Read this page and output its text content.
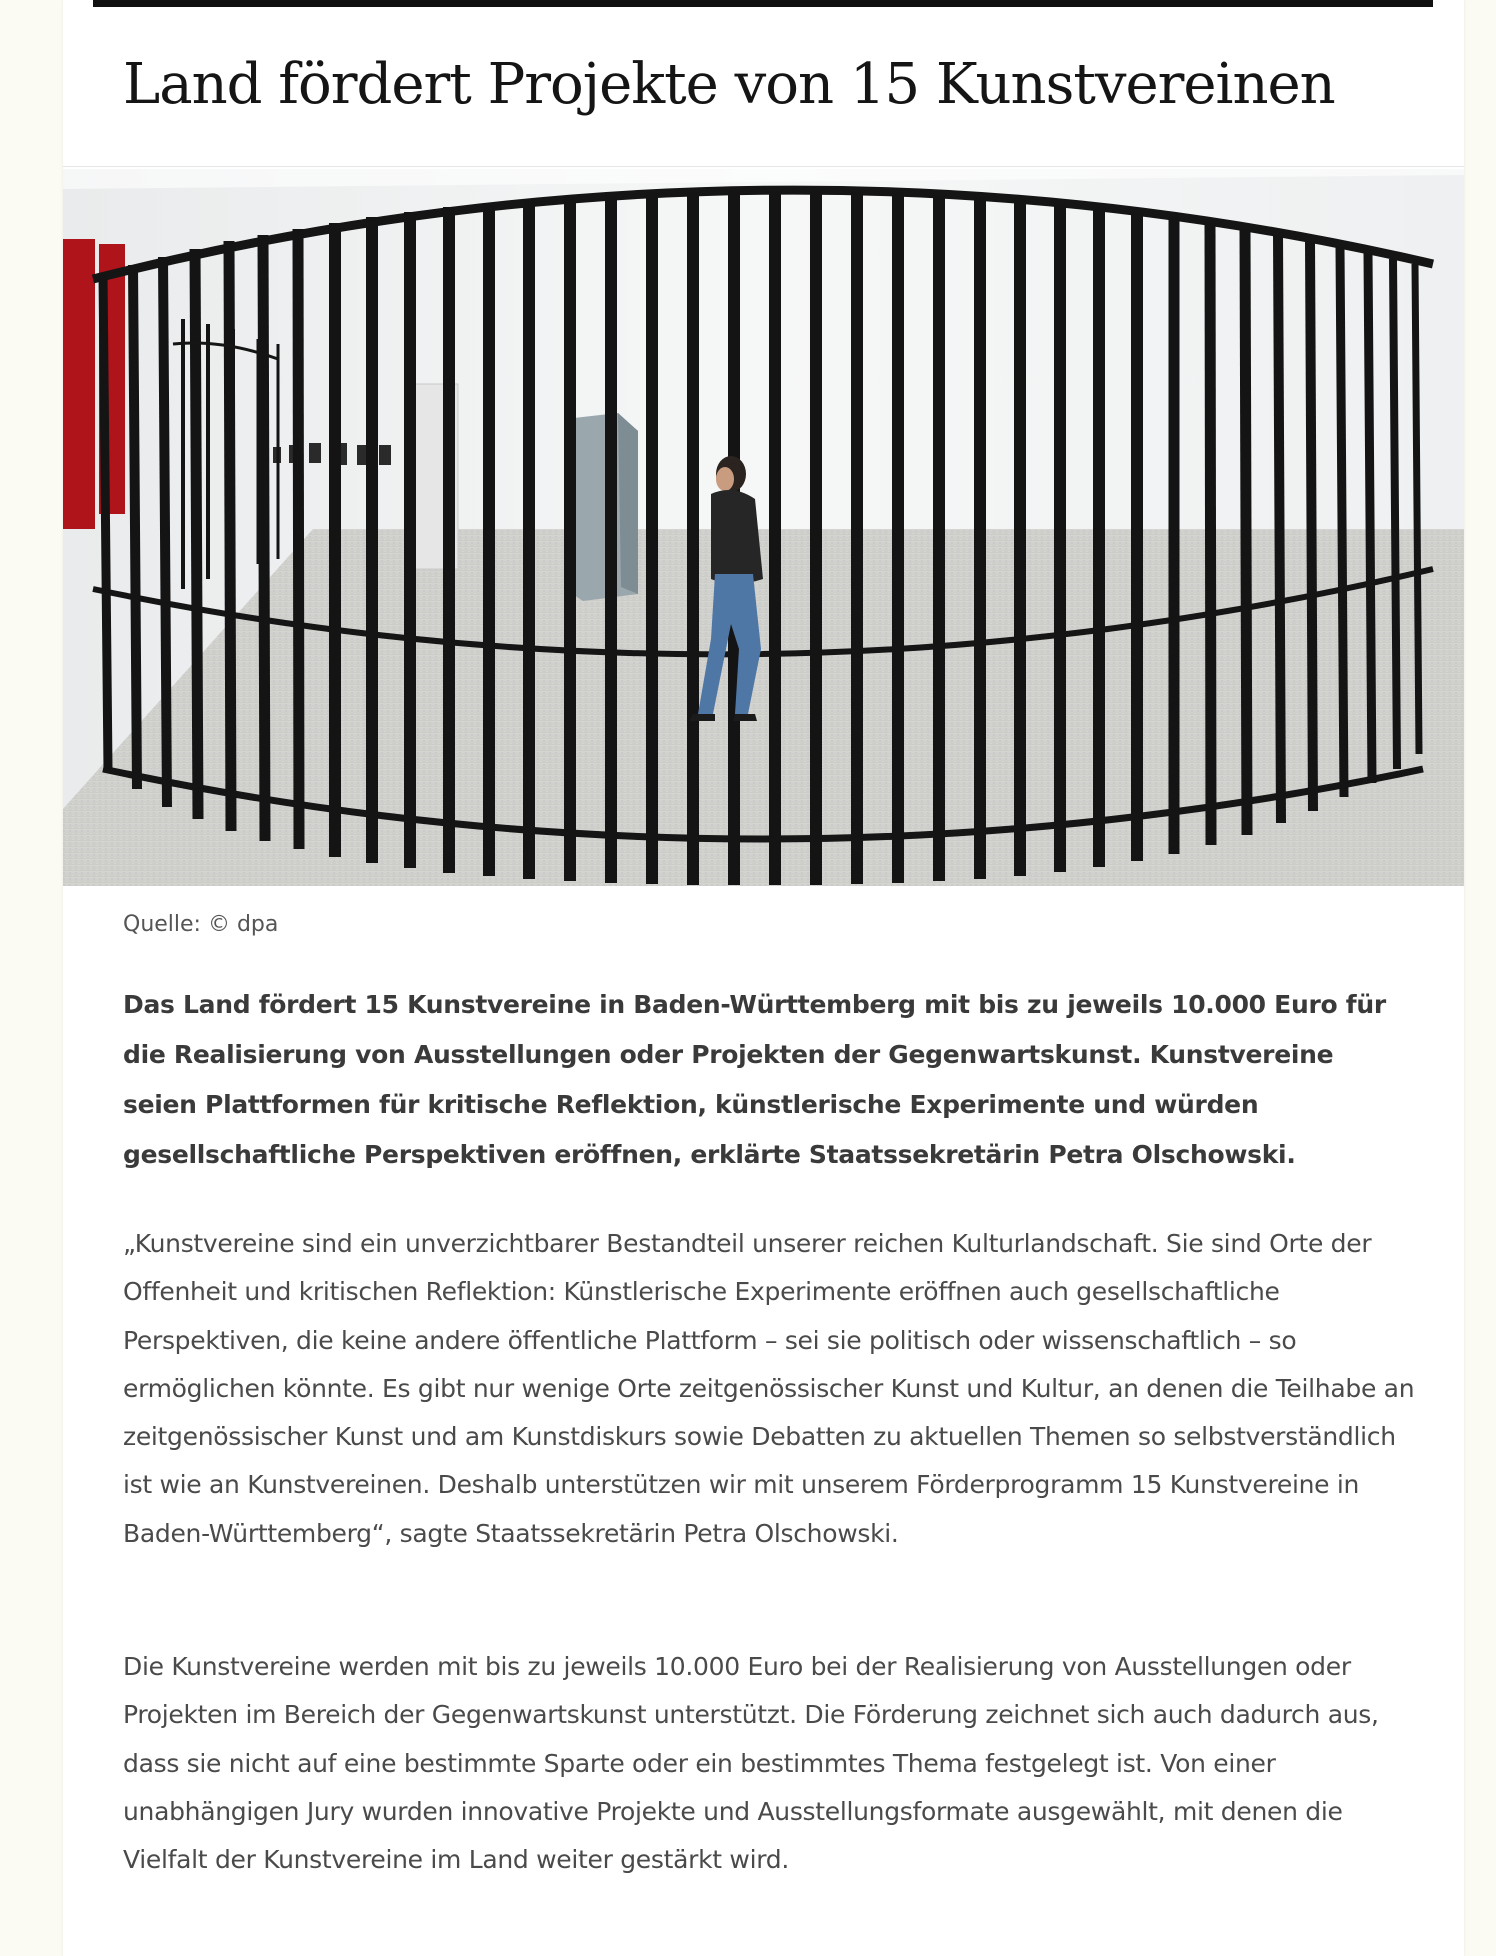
Land fördert Projekte von 15 Kunstvereinen
Quelle: © dpa

Das Land fördert 15 Kunstvereine in Baden-Württemberg mit bis zu jeweils 10.000 Euro für die Realisierung von Ausstellungen oder Projekten der Gegenwartskunst. Kunstvereine seien Plattformen für kritische Reflektion, künstlerische Experimente und würden gesellschaftliche Perspektiven eröffnen, erklärte Staatssekretärin Petra Olschowski.

„Kunstvereine sind ein unverzichtbarer Bestandteil unserer reichen Kulturlandschaft. Sie sind Orte der Offenheit und kritischen Reflektion: Künstlerische Experimente eröffnen auch gesellschaftliche Perspektiven, die keine andere öffentliche Plattform – sei sie politisch oder wissenschaftlich – so ermöglichen könnte. Es gibt nur wenige Orte zeitgenössischer Kunst und Kultur, an denen die Teilhabe an zeitgenössischer Kunst und am Kunstdiskurs sowie Debatten zu aktuellen Themen so selbstverständlich ist wie an Kunstvereinen. Deshalb unterstützen wir mit unserem Förderprogramm 15 Kunstvereine in Baden-Württemberg“, sagte Staatssekretärin Petra Olschowski.

Die Kunstvereine werden mit bis zu jeweils 10.000 Euro bei der Realisierung von Ausstellungen oder Projekten im Bereich der Gegenwartskunst unterstützt. Die Förderung zeichnet sich auch dadurch aus, dass sie nicht auf eine bestimmte Sparte oder ein bestimmtes Thema festgelegt ist. Von einer unabhängigen Jury wurden innovative Projekte und Ausstellungsformate ausgewählt, mit denen die Vielfalt der Kunstvereine im Land weiter gestärkt wird.
